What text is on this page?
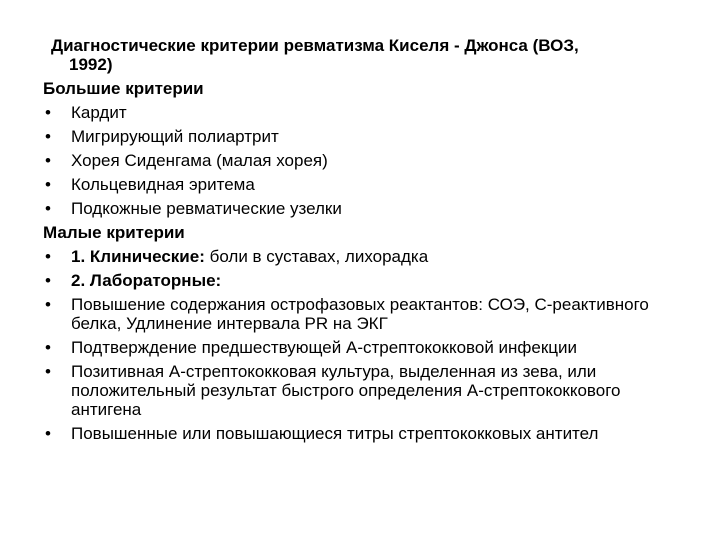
Диагностические критерии ревматизма Киселя - Джонса (ВОЗ,
1992)
Большие критерии
• Кардит
• Мигрирующий полиартрит
• Хорея Сиденгама (малая хорея)
• Кольцевидная эритема
• Подкожные ревматические узелки
Малые критерии
• 1. Клинические: боли в суставах, лихорадка
• 2. Лабораторные:
• Повышение содержания острофазовых реактантов: СОЭ, С-реактивного белка, Удлинение интервала PR на ЭКГ
• Подтверждение предшествующей А-стрептококковой инфекции
• Позитивная А-стрептококковая культура, выделенная из зева, или положительный результат быстрого определения А-стрептококкового антигена
• Повышенные или повышающиеся титры стрептококковых антител
